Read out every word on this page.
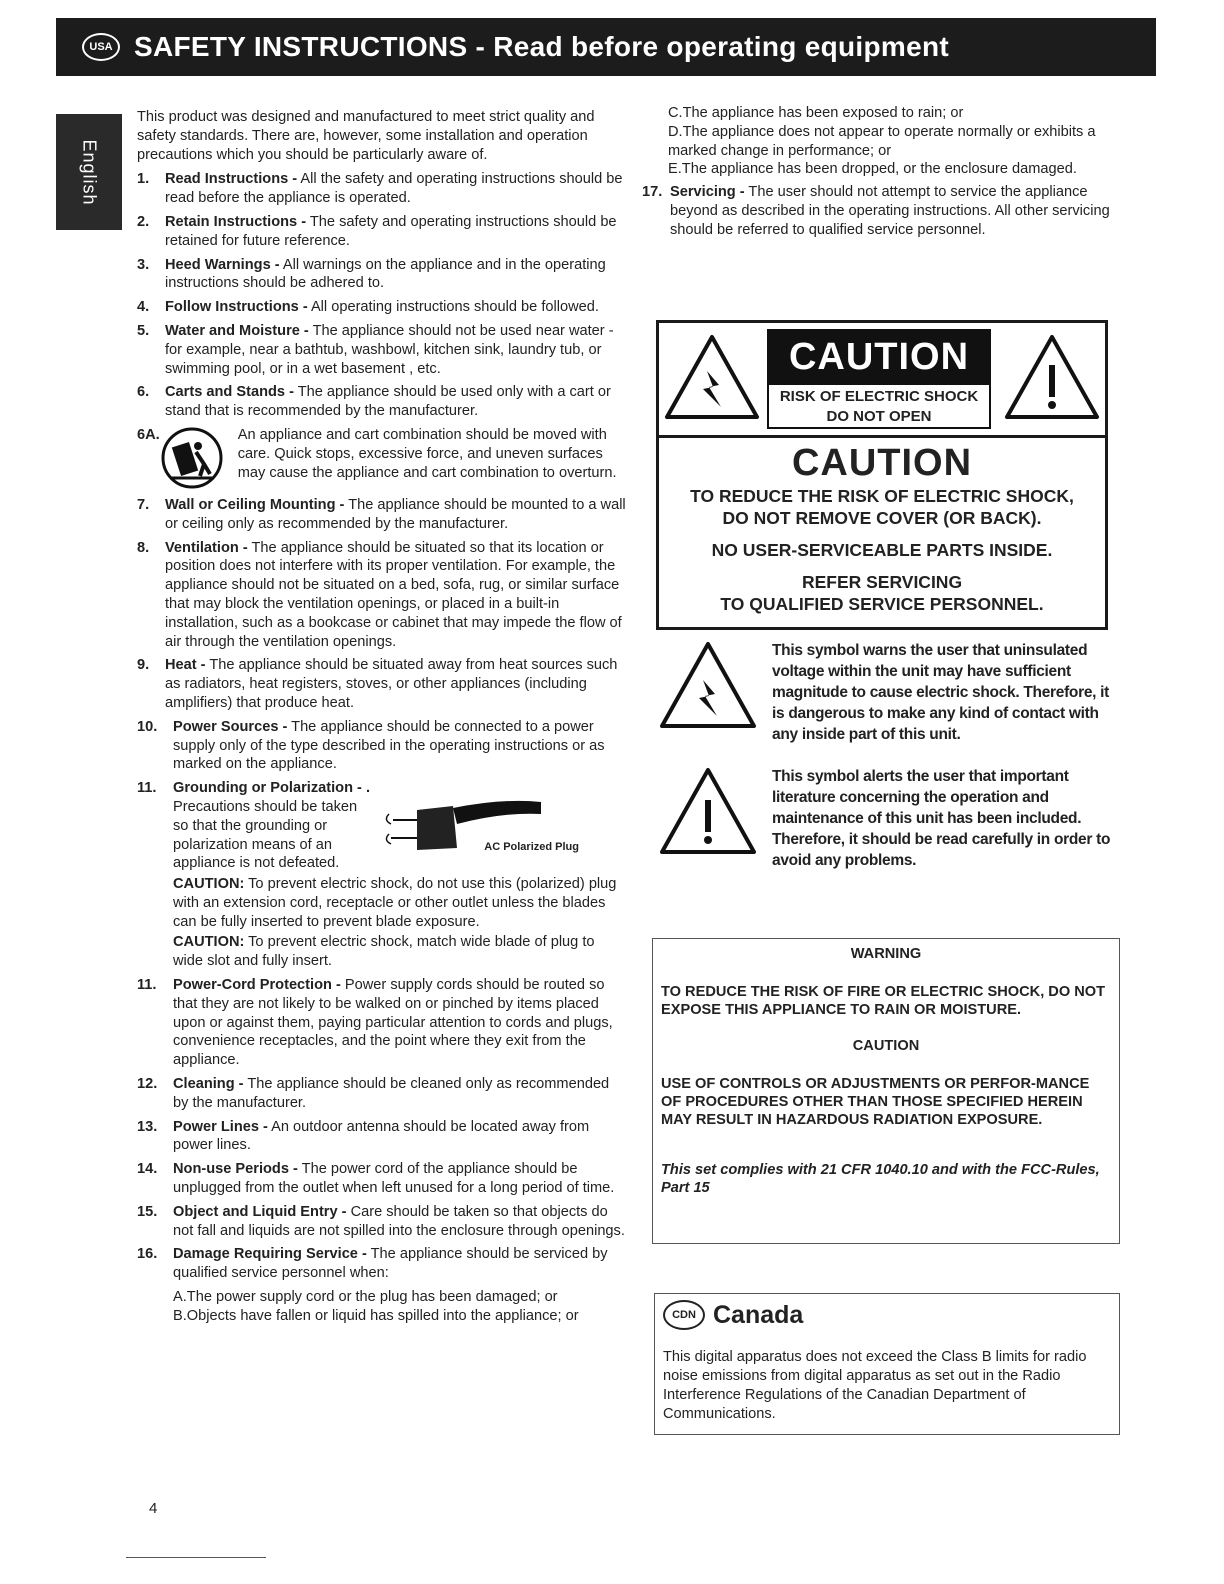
USA SAFETY INSTRUCTIONS - Read before operating equipment
English

This product was designed and manufactured to meet strict quality and safety standards. There are, however, some installation and operation precautions which you should be particularly aware of.

1.	Read Instructions - All the safety and operating instructions should be read before the appliance is operated.
2.	Retain Instructions - The safety and operating instructions should be retained for future reference.
3.	Heed Warnings - All warnings on the appliance and in the operating instructions should be adhered to.
4.	Follow Instructions - All operating instructions should be followed.
5.	Water and Moisture - The appliance should not be used near water - for example, near a bathtub, washbowl, kitchen sink, laundry tub, or swimming pool, or in a wet basement , etc.
6.	Carts and Stands - The appliance should be used only with a cart or stand that is recommended by the manufacturer.
6A.	An appliance and cart combination should be moved with care. Quick stops, excessive force, and uneven surfaces may cause the appliance and cart combination to overturn.
7.	Wall or Ceiling Mounting - The appliance should be mounted to a wall or ceiling only as recommended by the manufacturer.
8.	Ventilation - The appliance should be situated so that its location or position does not interfere with its proper ventilation. For example, the appliance should not be situated on a bed, sofa, rug, or similar surface that may block the ventilation openings, or placed in a built-in installation, such as a bookcase or cabinet that may impede the flow of air through the ventilation openings.
9.	Heat - The appliance should be situated away from heat sources such as radiators, heat registers, stoves, or other appliances (including amplifiers) that produce heat.
10.	Power Sources - The appliance should be connected to a power supply only of the type described in the operating instructions or as marked on the appliance.
11.	Grounding or Polarization - .
Precautions should be taken so that the grounding or polarization means of an appliance is not defeated.
AC Polarized Plug
CAUTION: To prevent electric shock, do not use this (polarized) plug with an extension cord, receptacle or other outlet unless the blades can be fully inserted to prevent blade exposure.
CAUTION: To prevent electric shock, match wide blade of plug to wide slot and fully insert.
11.	Power-Cord Protection - Power supply cords should be routed so that they are not likely to be walked on or pinched by items placed upon or against them, paying particular attention to cords and plugs, convenience receptacles, and the point where they exit from the appliance.
12.	Cleaning - The appliance should be cleaned only as recommended by the manufacturer.
13.	Power Lines - An outdoor antenna should be located away from power lines.
14.	Non-use Periods - The power cord of the appliance should be unplugged from the outlet when left unused for a long period of time.
15.	Object and Liquid Entry - Care should be taken so that objects do not fall and liquids are not spilled into the enclosure through openings.
16.	Damage Requiring Service - The appliance should be serviced by qualified service personnel when:
A.The power supply cord or the plug has been damaged; or
B.Objects have fallen or liquid has spilled into the appliance; or
4
C.The appliance has been exposed to rain; or
D.The appliance does not appear to operate normally or exhibits a marked change in performance; or
E.The appliance has been dropped, or the enclosure damaged.
17. Servicing - The user should not attempt to service the appliance beyond as described in the operating instructions. All other servicing should be referred to qualified service personnel.
CAUTION
RISK OF ELECTRIC SHOCK
DO NOT OPEN
CAUTION
TO REDUCE THE RISK OF ELECTRIC SHOCK,
DO NOT REMOVE COVER (OR BACK).
NO USER-SERVICEABLE PARTS INSIDE.
REFER SERVICING
TO QUALIFIED SERVICE PERSONNEL.
This symbol warns the user that uninsulated voltage within the unit may have sufficient magnitude to cause electric shock. Therefore, it is dangerous to make any kind of contact with any inside part of this unit.
This symbol alerts the user that important literature concerning the operation and maintenance of this unit has been included. Therefore, it should be read carefully in order to avoid any problems.
WARNING

TO REDUCE THE RISK OF FIRE OR ELECTRIC SHOCK, DO NOT EXPOSE THIS APPLIANCE TO RAIN OR MOISTURE.

CAUTION

USE OF CONTROLS OR ADJUSTMENTS OR PERFOR-MANCE OF PROCEDURES OTHER THAN THOSE SPECIFIED HEREIN MAY RESULT IN HAZARDOUS RADIATION EXPOSURE.

This set complies with 21 CFR 1040.10 and with the FCC-Rules, Part 15
CDN Canada
This digital apparatus does not exceed the Class B limits for radio noise emissions from digital apparatus as set out in the Radio Interference Regulations of the Canadian Department of Communications.
